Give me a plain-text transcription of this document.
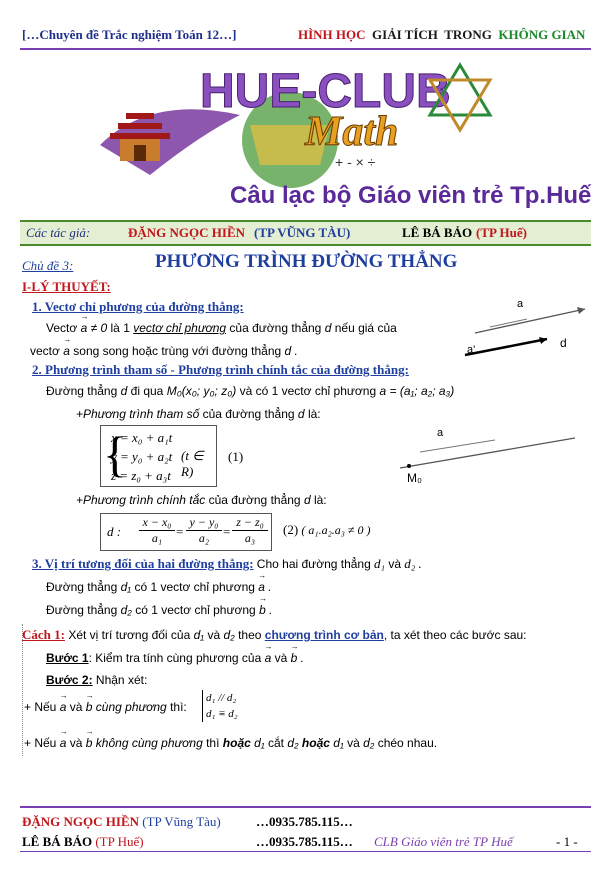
[…Chuyên đề Trắc nghiệm Toán 12…]	HÌNH HỌC GIẢI TÍCH TRONG KHÔNG GIAN
HUE-CLUB
Math
+ - × ÷
Câu lạc bộ Giáo viên trẻ Tp.Huế
Các tác giả:	ĐẶNG NGỌC HIỀN (TP VŨNG TÀU)	LÊ BÁ BẢO (TP Huế)
Chủ đề 3:	PHƯƠNG TRÌNH ĐƯỜNG THẲNG
I-LÝ THUYẾT:
1. Vectơ chỉ phương của đường thẳng:
Vectơ → a ≠ 0 là 1 vectơ chỉ phương của đường thẳng d nếu giá của
vectơ → a song song hoặc trùng với đường thẳng d .
a
a'	d
2. Phương trình tham số - Phương trình chính tắc của đường thẳng:
Đường thẳng d đi qua M₀(x₀; y₀; z₀) và có 1 vectơ chỉ phương a = (a₁; a₂; a₃)
+Phương trình tham số của đường thẳng d là:
{
x = x₀ + a₁t
y = y₀ + a₂t
z = z₀ + a₃t
(t ∈ R)
(1)
a
M₀
+Phương trình chính tắc của đường thẳng d là:
d : $\frac{\text{x − x₀}}{\text{a₁}} = \frac{\text{y − y₀}}{\text{a₂}} = \frac{\text{z − z₀}}{\text{a₃}} (2)$ ( a₁.a₂.a₃ ≠ 0 )
3. Vị trí tương đối của hai đường thẳng: Cho hai đường thẳng d₁ và d₂ .
Đường thẳng d₁ có 1 vectơ chỉ phương → a .
Đường thẳng d₂ có 1 vectơ chỉ phương → b .
Cách 1: Xét vị trí tương đối của d₁ và d₂ theo chương trình cơ bản, ta xét theo các bước sau:
Bước 1: Kiểm tra tính cùng phương của → a và → b .
Bước 2: Nhận xét:
+ Nếu → a và → b cùng phương thì:
d₁ // d₂
d₁ ≡ d₂
+ Nếu → a và → b không cùng phương thì hoặc d₁ cắt d₂ hoặc d₁ và d₂ chéo nhau.
ĐẶNG NGỌC HIỀN (TP Vũng Tàu)	…0935.785.115…
LÊ BÁ BẢO (TP Huế)	…0935.785.115… CLB Giáo viên trẻ TP Huế	- 1 -
